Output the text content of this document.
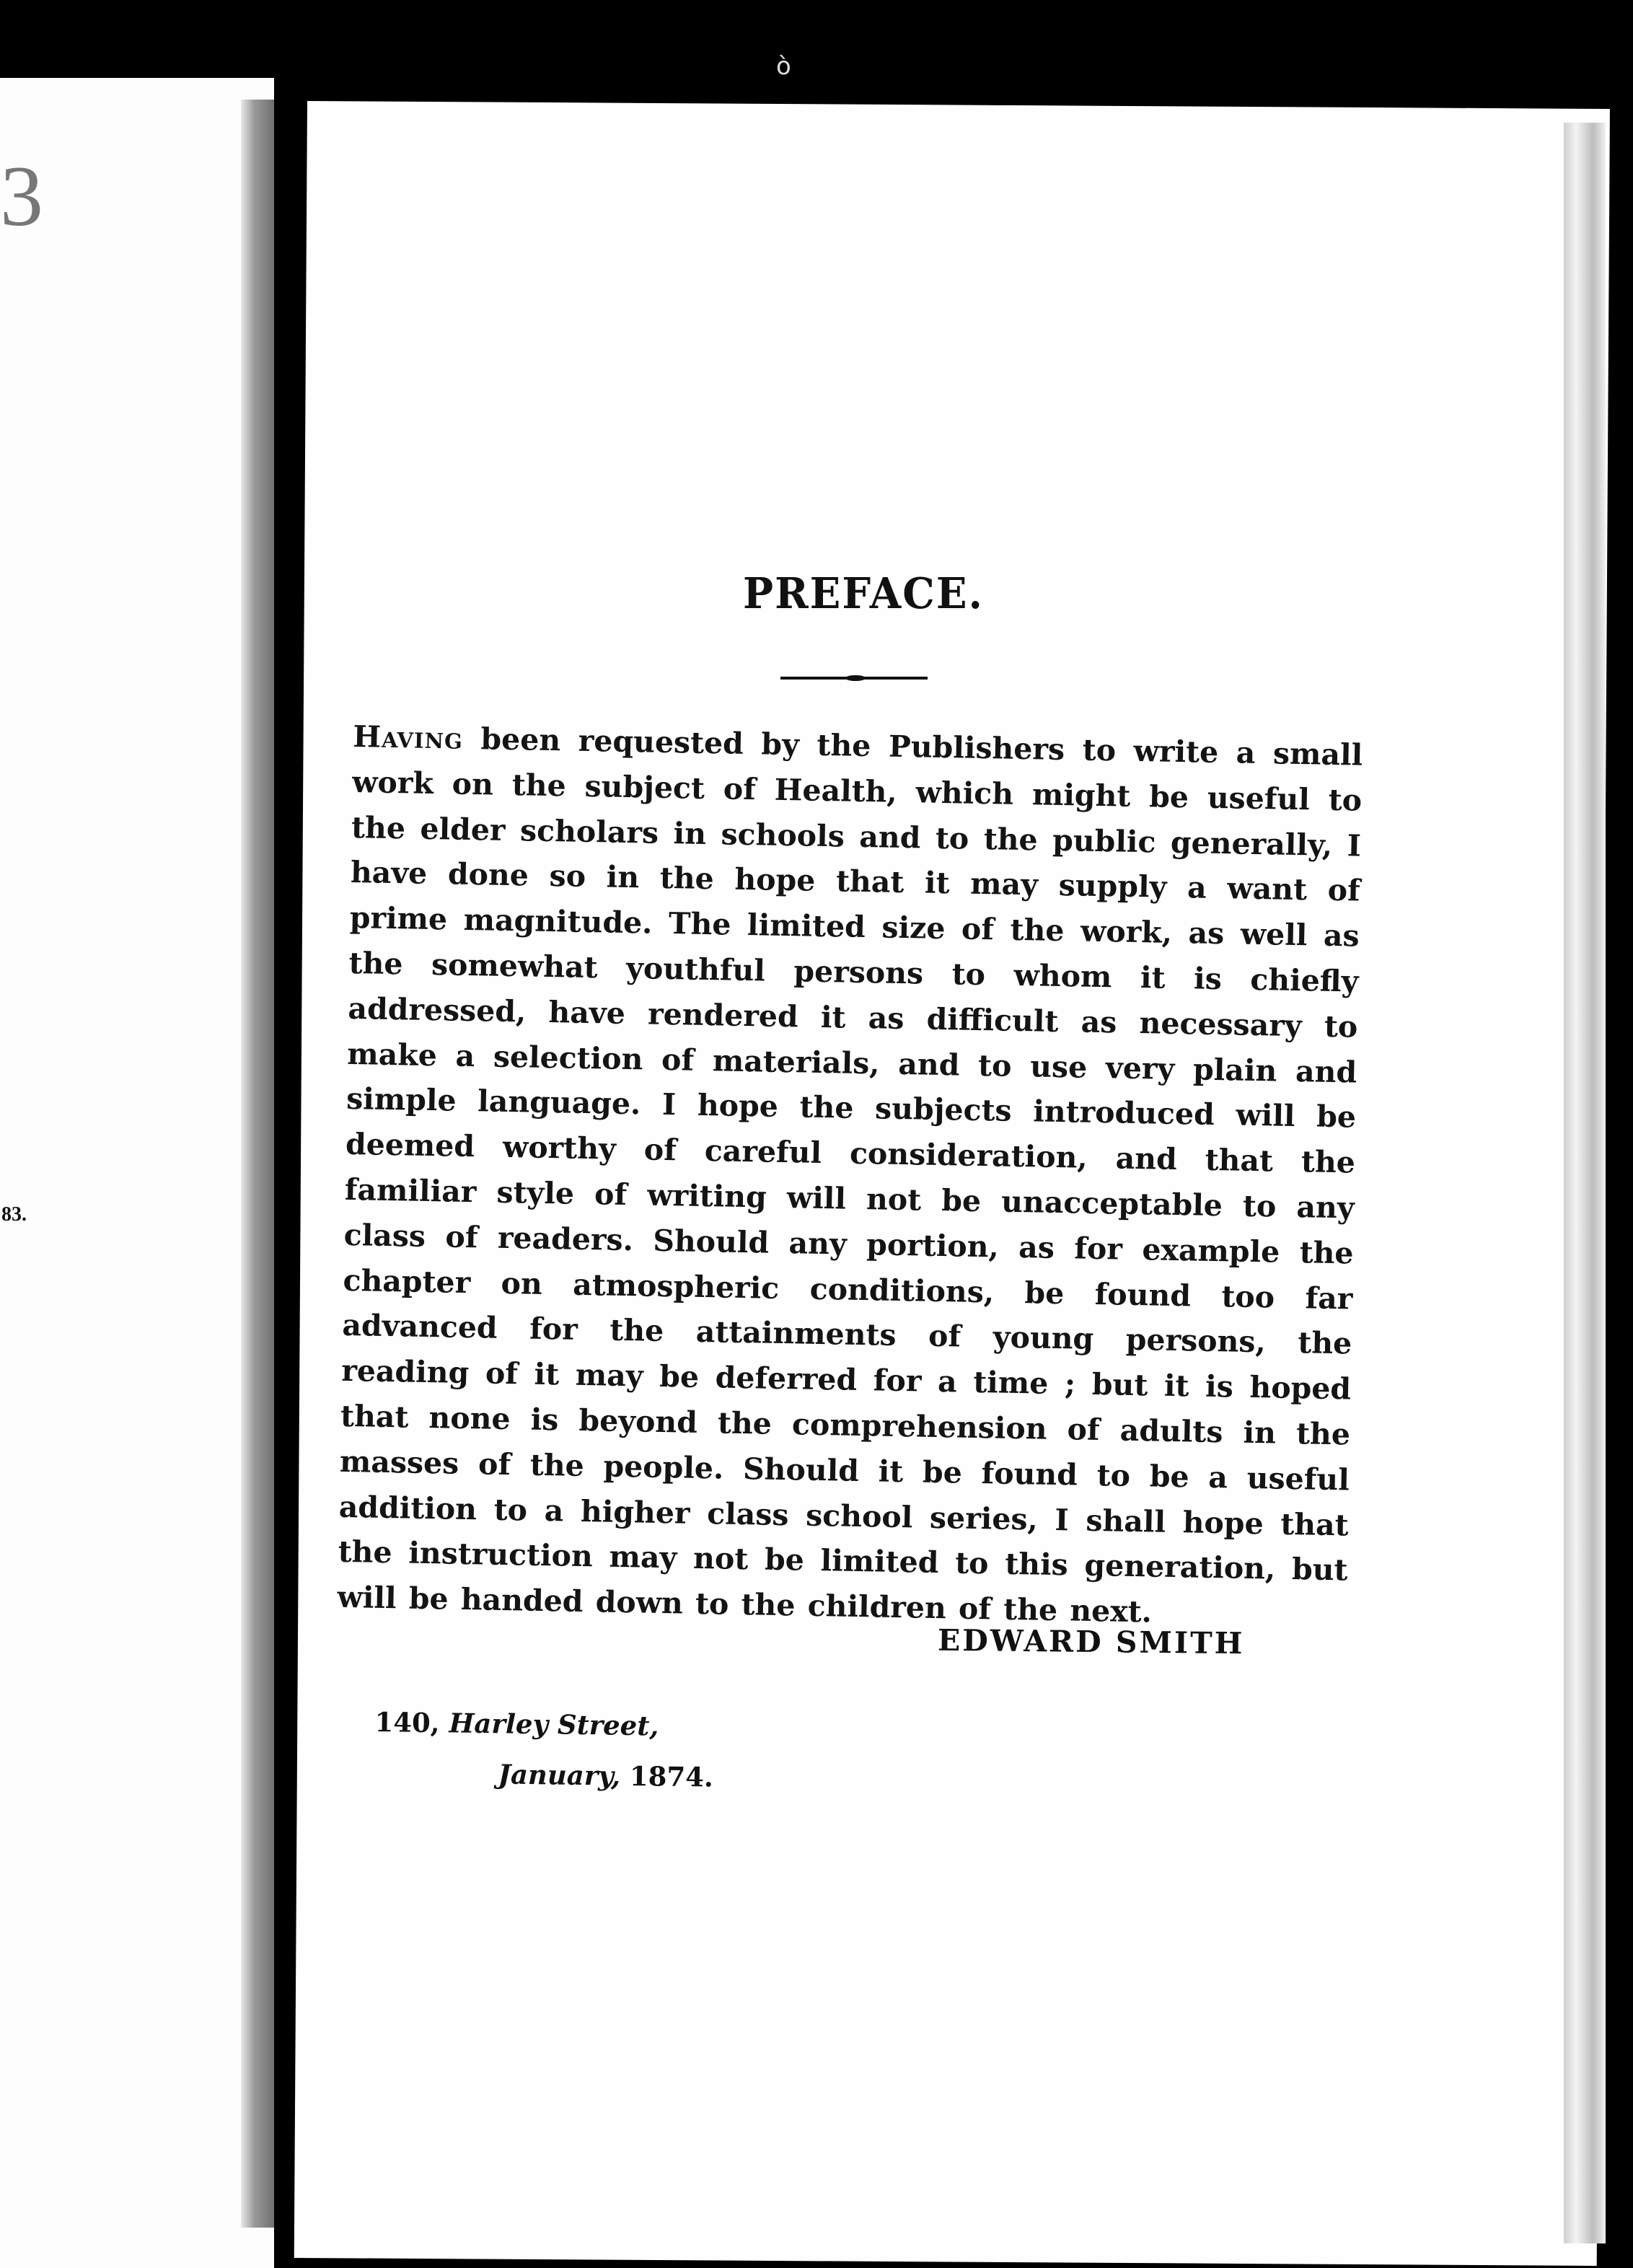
3
83.
ò
PREFACE.
Having been requested by the Publishers to write a small work on the subject of Health, which might be useful to the elder scholars in schools and to the public generally, I have done so in the hope that it may supply a want of prime magnitude. The limited size of the work, as well as the somewhat youthful persons to whom it is chiefly addressed, have rendered it as difficult as necessary to make a selection of materials, and to use very plain and simple language. I hope the subjects introduced will be deemed worthy of careful consideration, and that the familiar style of writing will not be unacceptable to any class of readers. Should any portion, as for example the chapter on atmospheric conditions, be found too far advanced for the attainments of young persons, the reading of it may be deferred for a time ; but it is hoped that none is beyond the comprehension of adults in the masses of the people. Should it be found to be a useful addition to a higher class school series, I shall hope that the instruction may not be limited to this generation, but will be handed down to the children of the next.
EDWARD SMITH
140, Harley Street,
January, 1874.
